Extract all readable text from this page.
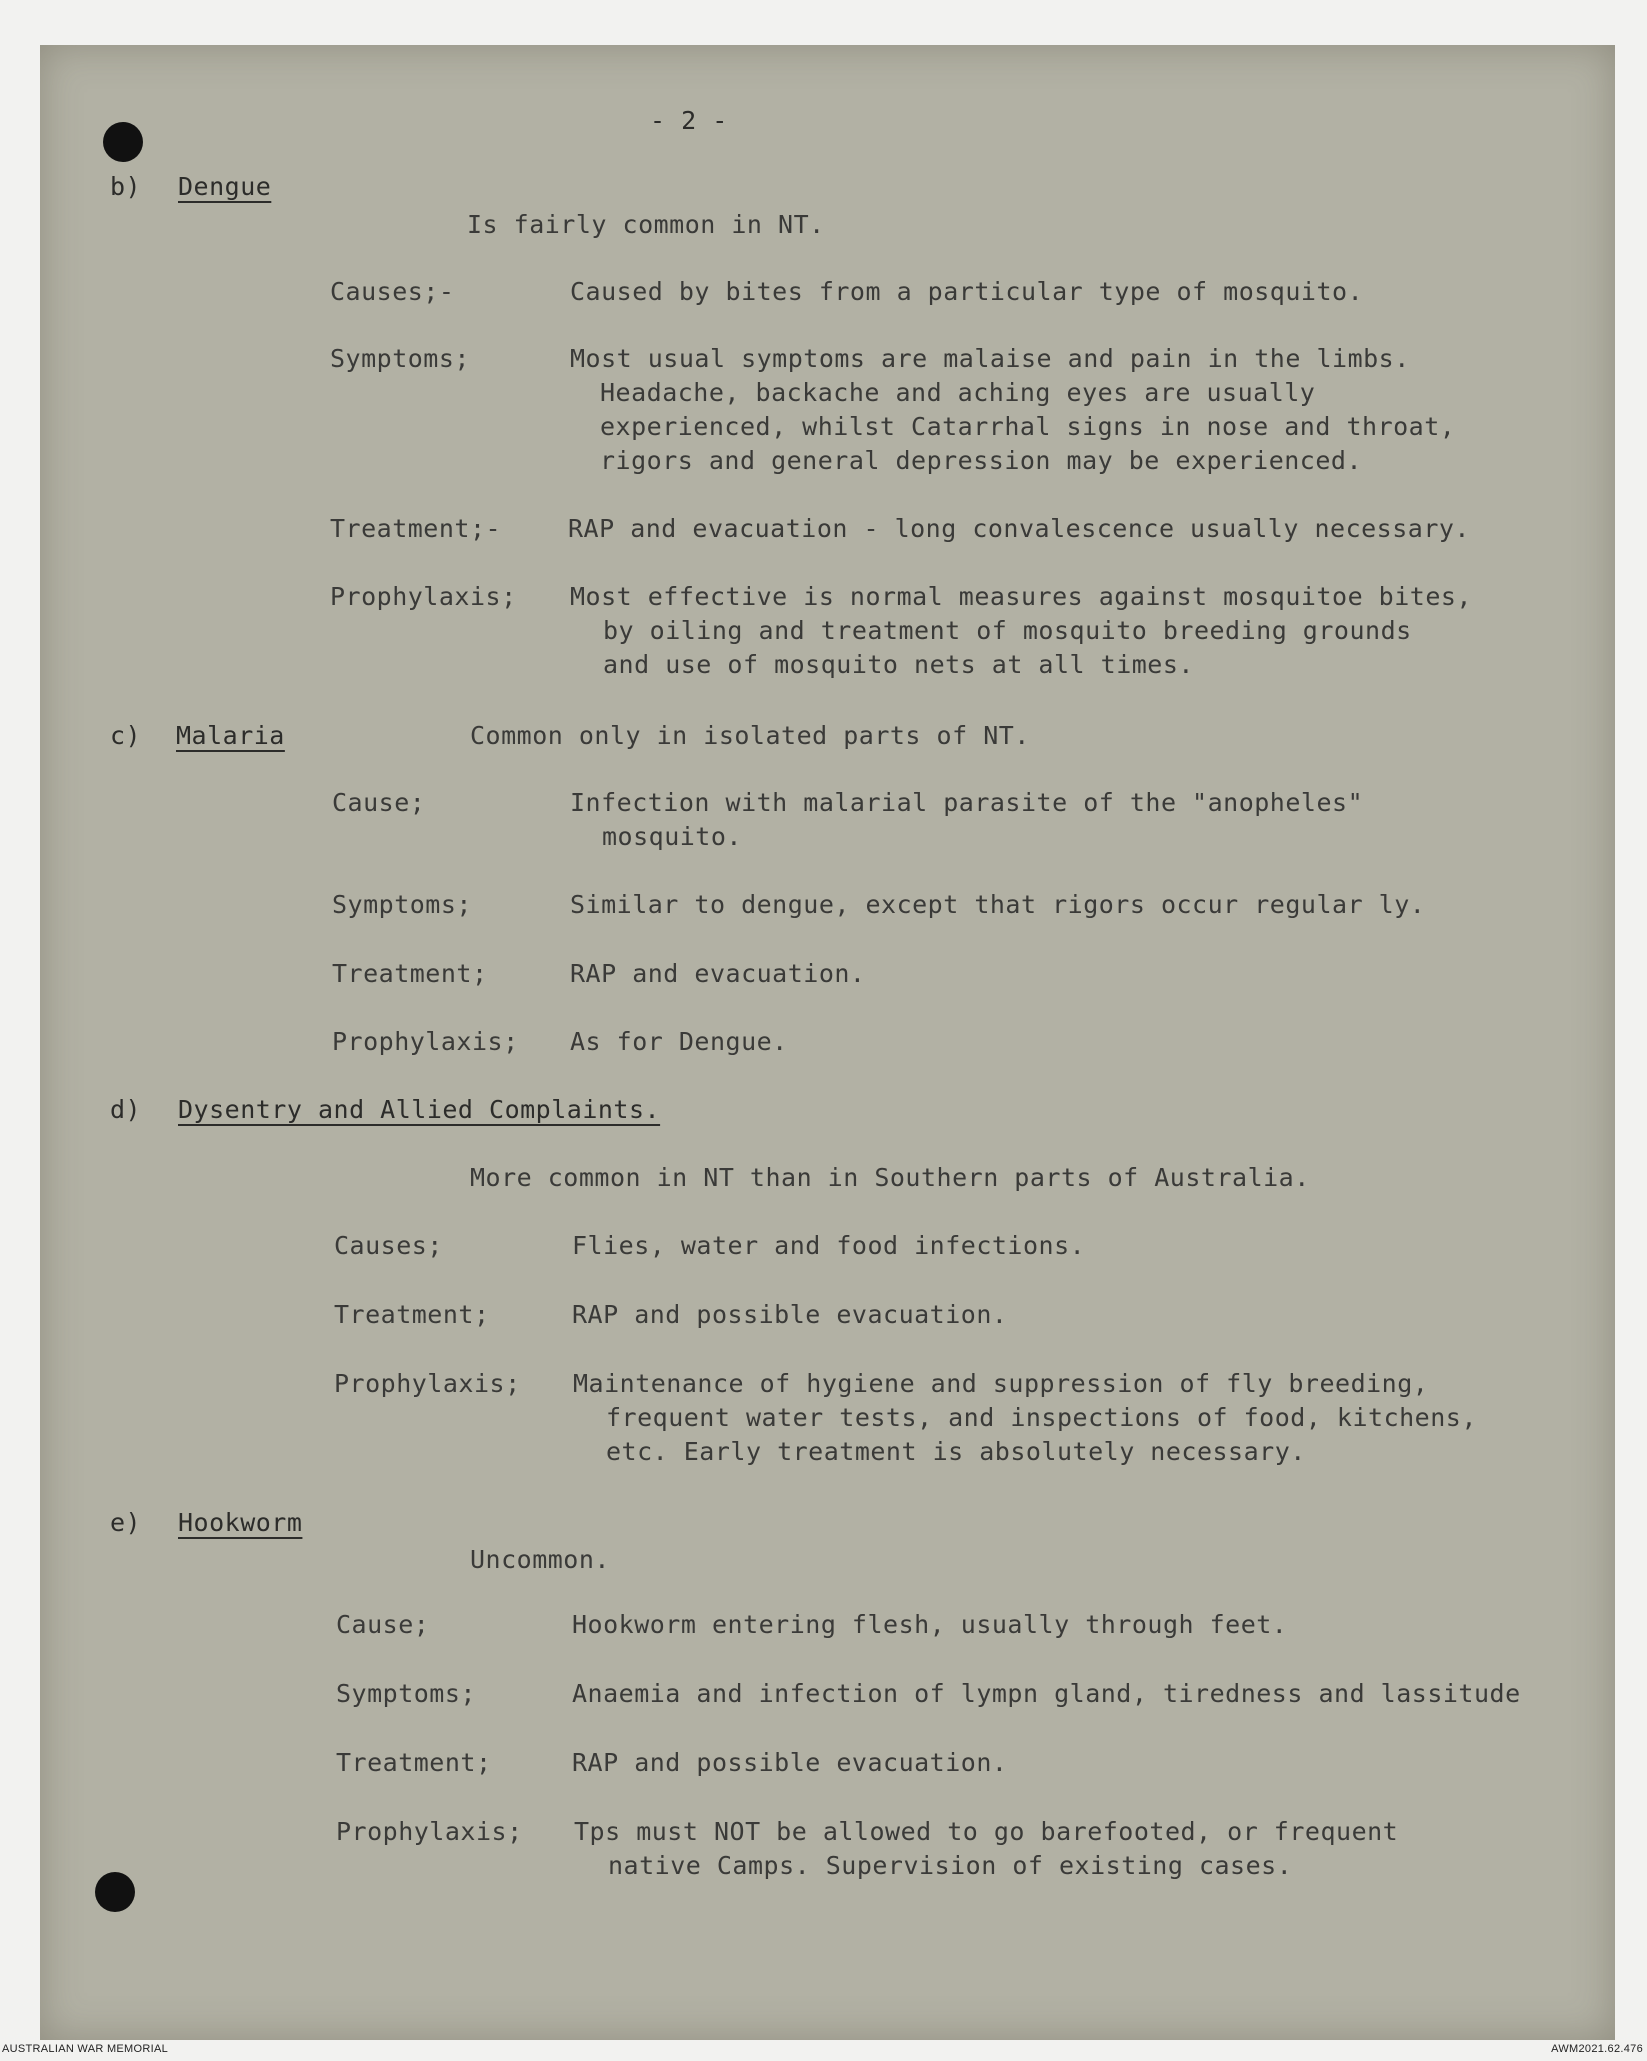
- 2 -
b) Dengue
Is fairly common in NT.
Causes;-	Caused by bites from a particular type of mosquito.
Symptoms;	Most usual symptoms are malaise and pain in the limbs.
Headache, backache and aching eyes are usually
experienced, whilst Catarrhal signs in nose and throat,
rigors and general depression may be experienced.
Treatment;-	RAP and evacuation - long convalescence usually necessary.
Prophylaxis; Most effective is normal measures against mosquitoe bites,
by oiling and treatment of mosquito breeding grounds
and use of mosquito nets at all times.
c) Malaria	Common only in isolated parts of NT.
Cause;	Infection with malarial parasite of the "anopheles"
mosquito.
Symptoms;	Similar to dengue, except that rigors occur regular ly.
Treatment;	RAP and evacuation.
Prophylaxis; As for Dengue.
d) Dysentry and Allied Complaints.
More common in NT than in Southern parts of Australia.
Causes;	Flies, water and food infections.
Treatment;	RAP and possible evacuation.
Prophylaxis; Maintenance of hygiene and suppression of fly breeding,
frequent water tests, and inspections of food, kitchens,
etc. Early treatment is absolutely necessary.
e) Hookworm
Uncommon.
Cause;	Hookworm entering flesh, usually through feet.
Symptoms;	Anaemia and infection of lympn gland, tiredness and lassitude
Treatment;	RAP and possible evacuation.
Prophylaxis; Tps must NOT be allowed to go barefooted, or frequent
native Camps. Supervision of existing cases.
AUSTRALIAN WAR MEMORIAL	AWM2021.62.476
